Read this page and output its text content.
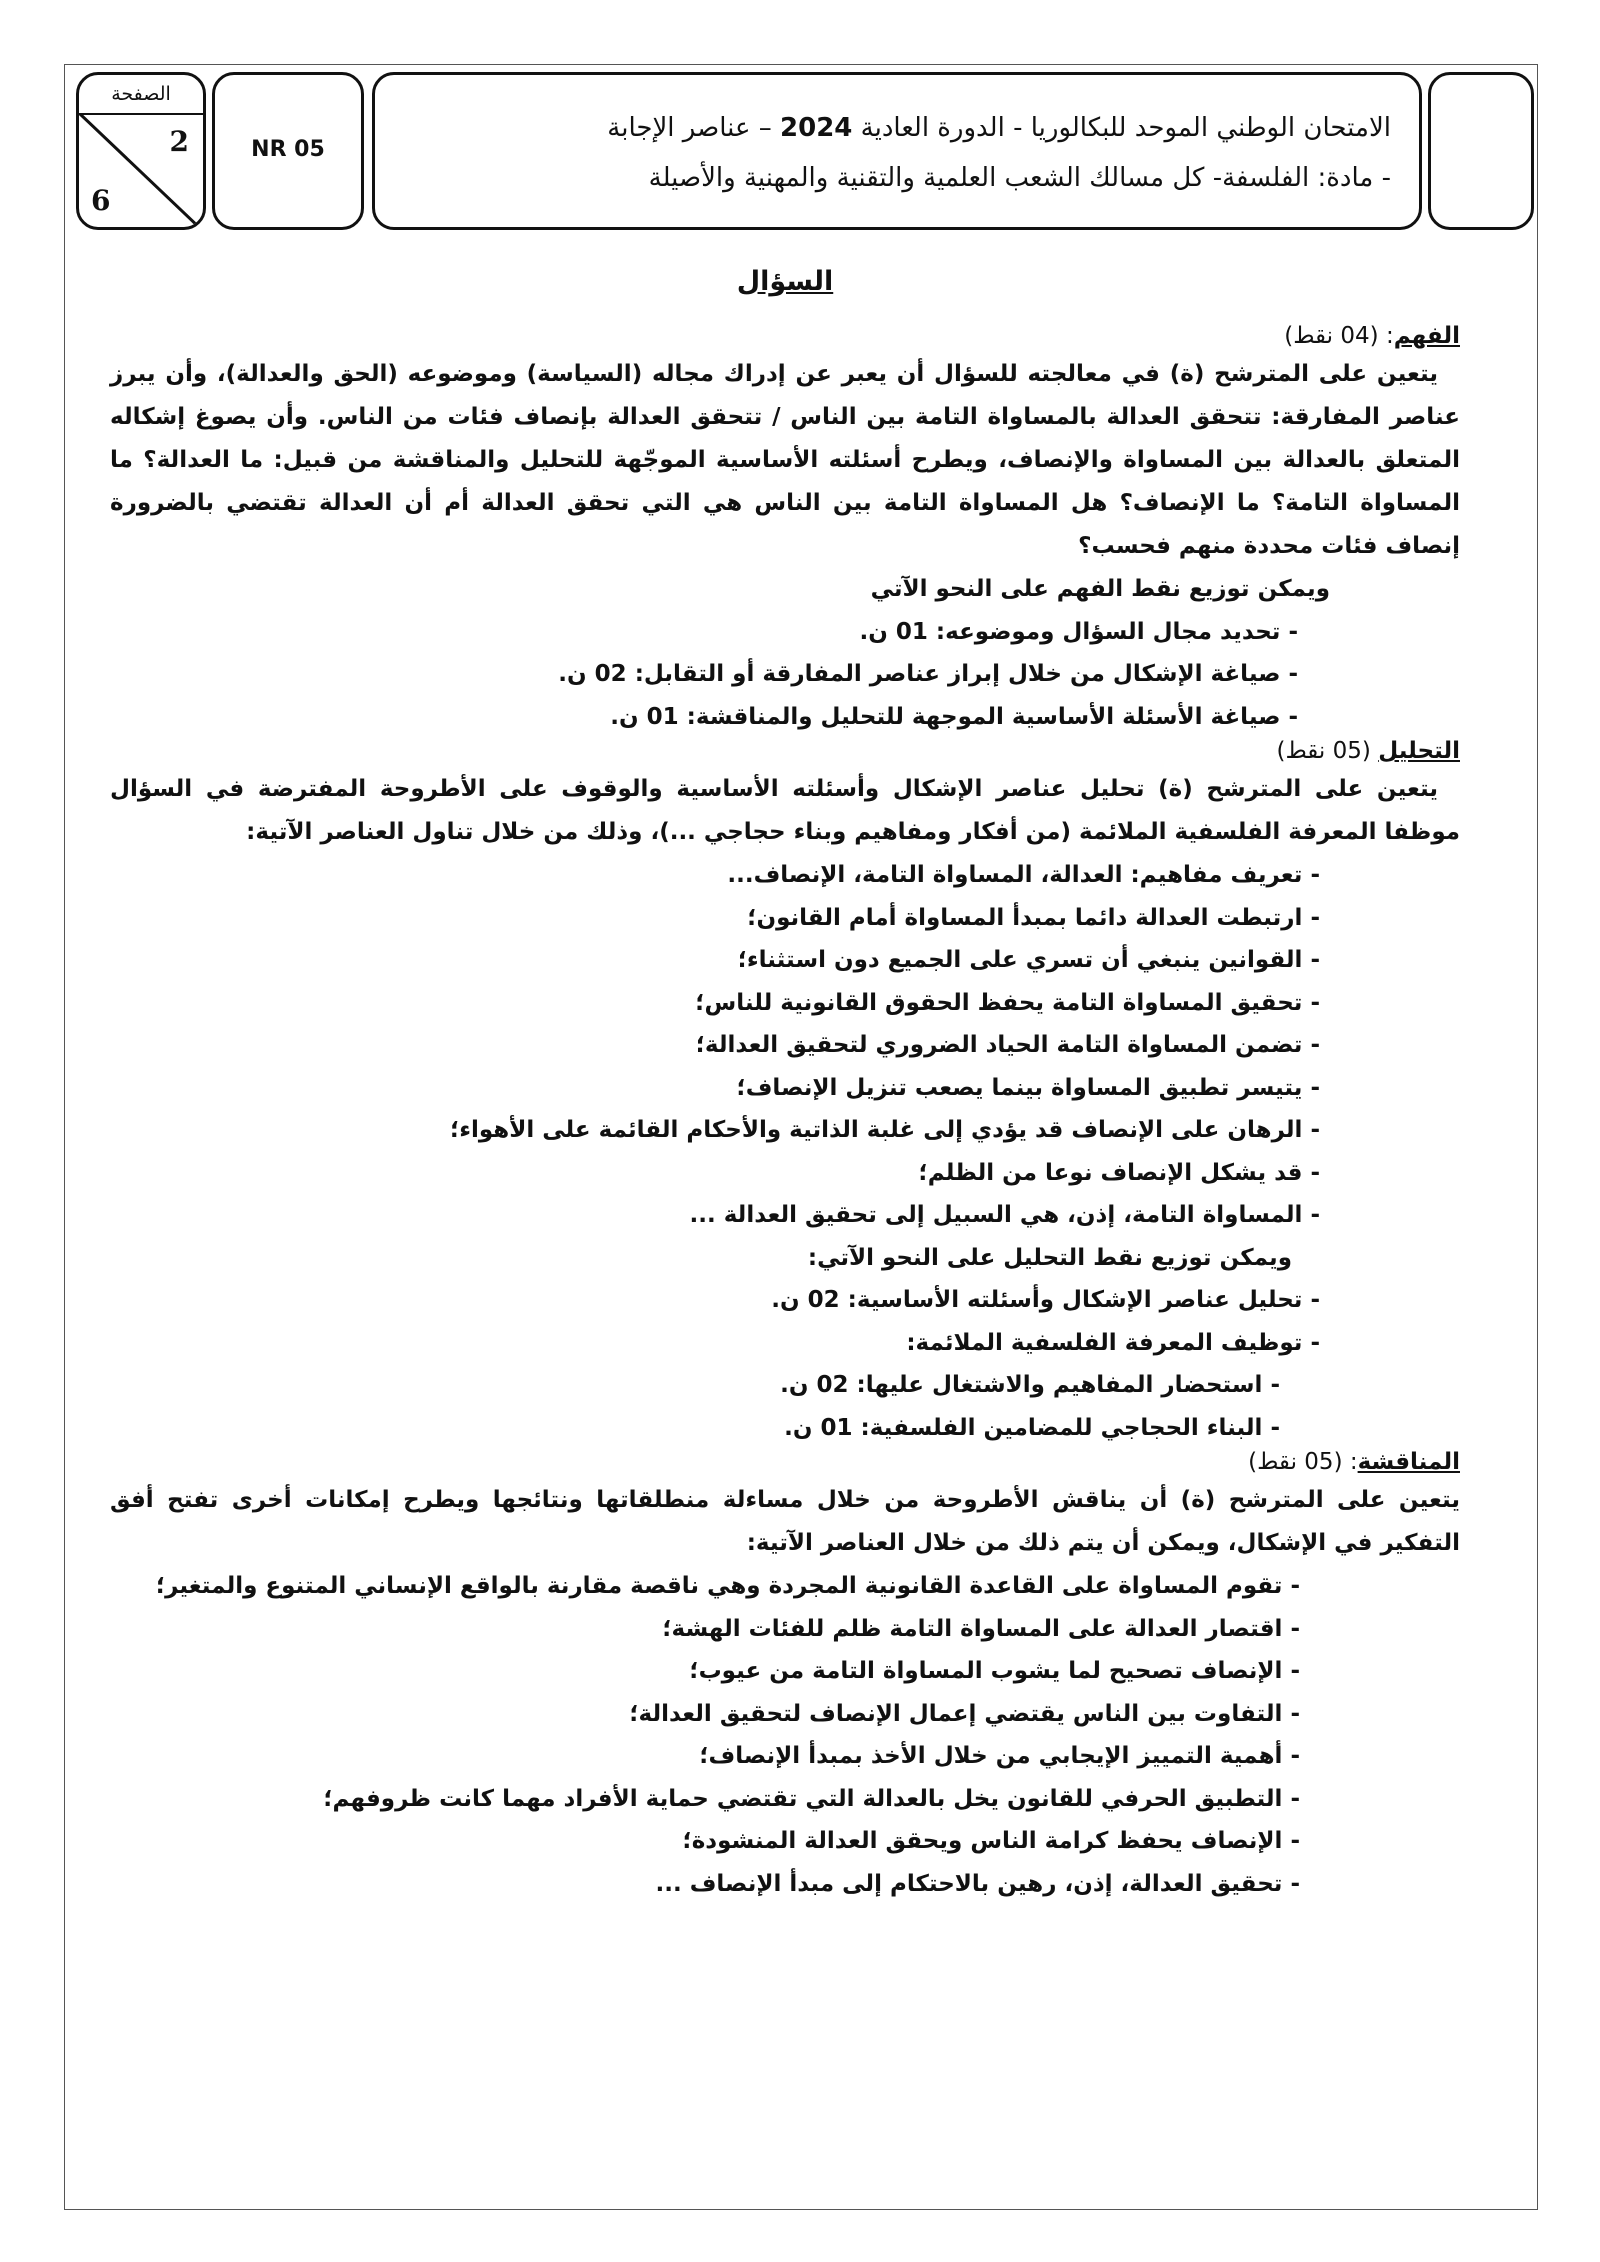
الصفحة
2
6
NR 05
الامتحان الوطني الموحد للبكالوريا - الدورة العادية 2024 – عناصر الإجابة
- مادة: الفلسفة- كل مسالك الشعب العلمية والتقنية والمهنية والأصيلة
السؤال
الفهم: (04 نقط)

يتعين على المترشح (ة) في معالجته للسؤال أن يعبر عن إدراك مجاله (السياسة) وموضوعه (الحق والعدالة)، وأن يبرز عناصر المفارقة: تتحقق العدالة بالمساواة التامة بين الناس / تتحقق العدالة بإنصاف فئات من الناس. وأن يصوغ إشكاله المتعلق بالعدالة بين المساواة والإنصاف، ويطرح أسئلته الأساسية الموجّهة للتحليل والمناقشة من قبيل: ما العدالة؟ ما المساواة التامة؟ ما الإنصاف؟ هل المساواة التامة بين الناس هي التي تحقق العدالة أم أن العدالة تقتضي بالضرورة إنصاف فئات محددة منهم فحسب؟

ويمكن توزيع نقط الفهم على النحو الآتي
- تحديد مجال السؤال وموضوعه: 01 ن.
- صياغة الإشكال من خلال إبراز عناصر المفارقة أو التقابل: 02 ن.
- صياغة الأسئلة الأساسية الموجهة للتحليل والمناقشة: 01 ن.
التحليل (05 نقط)

يتعين على المترشح (ة) تحليل عناصر الإشكال وأسئلته الأساسية والوقوف على الأطروحة المفترضة في السؤال موظفا المعرفة الفلسفية الملائمة (من أفكار ومفاهيم وبناء حجاجي ...)، وذلك من خلال تناول العناصر الآتية:

- تعريف مفاهيم: العدالة، المساواة التامة، الإنصاف...
- ارتبطت العدالة دائما بمبدأ المساواة أمام القانون؛
- القوانين ينبغي أن تسري على الجميع دون استثناء؛
- تحقيق المساواة التامة يحفظ الحقوق القانونية للناس؛
- تضمن المساواة التامة الحياد الضروري لتحقيق العدالة؛
- يتيسر تطبيق المساواة بينما يصعب تنزيل الإنصاف؛
- الرهان على الإنصاف قد يؤدي إلى غلبة الذاتية والأحكام القائمة على الأهواء؛
- قد يشكل الإنصاف نوعا من الظلم؛
- المساواة التامة، إذن، هي السبيل إلى تحقيق العدالة ...
ويمكن توزيع نقط التحليل على النحو الآتي:
- تحليل عناصر الإشكال وأسئلته الأساسية: 02 ن.
- توظيف المعرفة الفلسفية الملائمة:
- استحضار المفاهيم والاشتغال عليها: 02 ن.
- البناء الحجاجي للمضامين الفلسفية: 01 ن.
المناقشة: (05 نقط)

يتعين على المترشح (ة) أن يناقش الأطروحة من خلال مساءلة منطلقاتها ونتائجها ويطرح إمكانات أخرى تفتح أفق التفكير في الإشكال، ويمكن أن يتم ذلك من خلال العناصر الآتية:

- تقوم المساواة على القاعدة القانونية المجردة وهي ناقصة مقارنة بالواقع الإنساني المتنوع والمتغير؛
- اقتصار العدالة على المساواة التامة ظلم للفئات الهشة؛
- الإنصاف تصحيح لما يشوب المساواة التامة من عيوب؛
- التفاوت بين الناس يقتضي إعمال الإنصاف لتحقيق العدالة؛
- أهمية التمييز الإيجابي من خلال الأخذ بمبدأ الإنصاف؛
- التطبيق الحرفي للقانون يخل بالعدالة التي تقتضي حماية الأفراد مهما كانت ظروفهم؛
- الإنصاف يحفظ كرامة الناس ويحقق العدالة المنشودة؛
- تحقيق العدالة، إذن، رهين بالاحتكام إلى مبدأ الإنصاف ...
